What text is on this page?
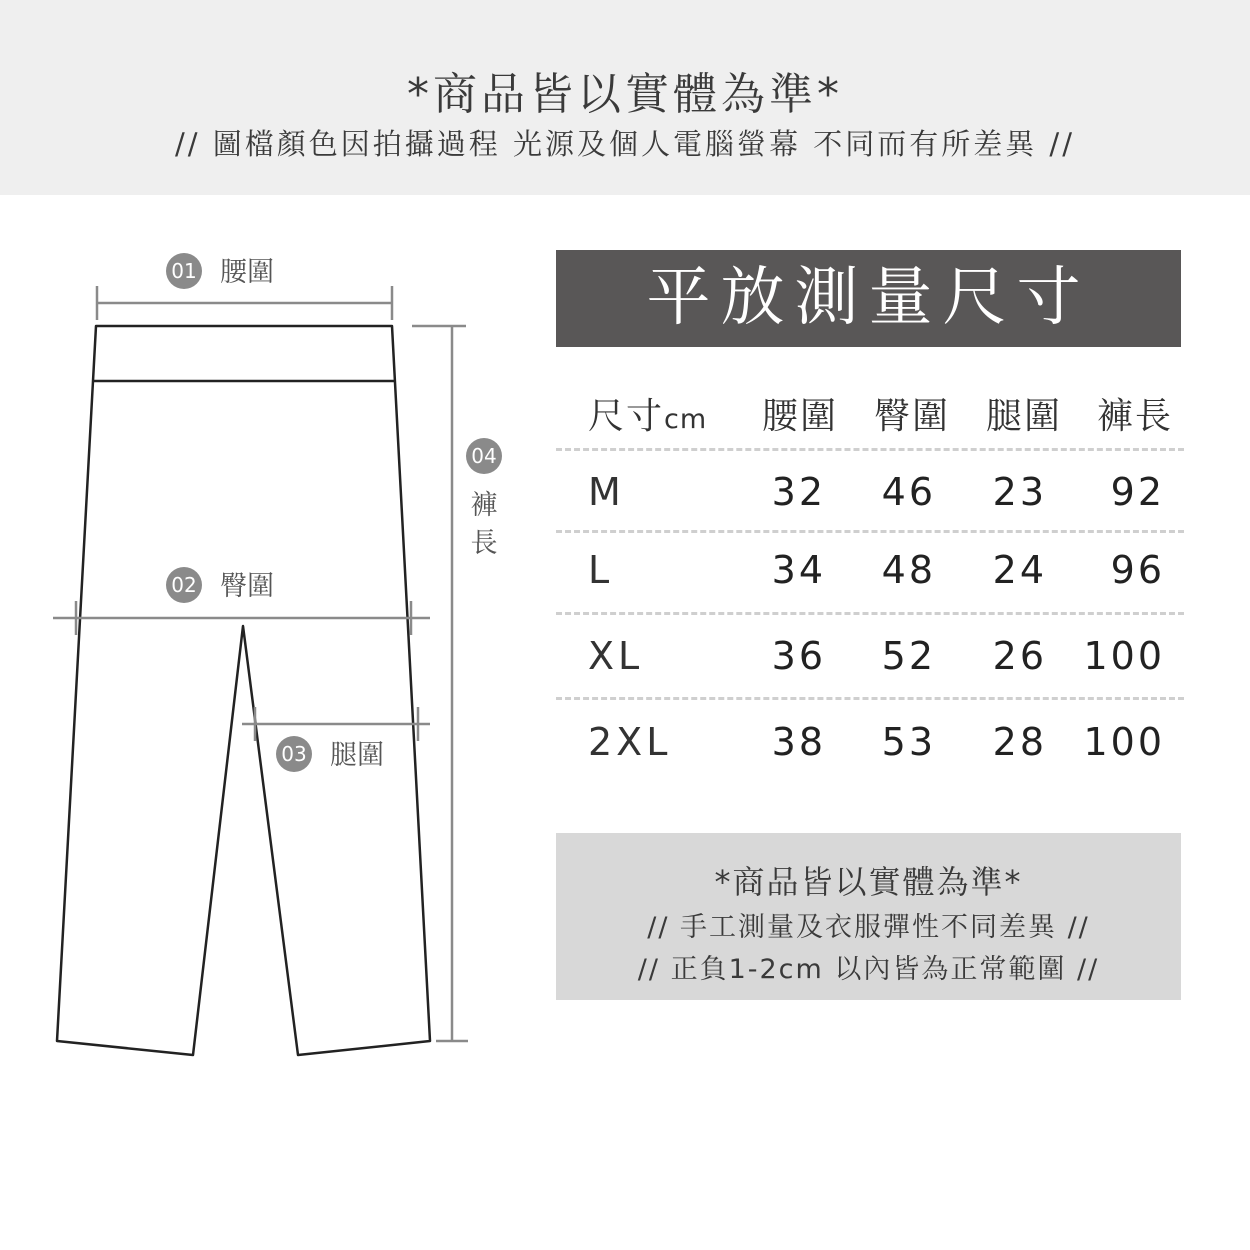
*商品皆以實體為準*
// 圖檔顏色因拍攝過程 光源及個人電腦螢幕 不同而有所差異 //
01 腰圍
02 臀圍
03 腿圍
04
褲
長
平放測量尺寸
尺寸cm 腰圍 臀圍 腿圍 褲長
M	32	46	23	92
L	34	48	24	96
XL	36	52	26 100
2XL	38	53	28 100
*商品皆以實體為準*
// 手工測量及衣服彈性不同差異 //
// 正負1-2cm 以內皆為正常範圍 //
